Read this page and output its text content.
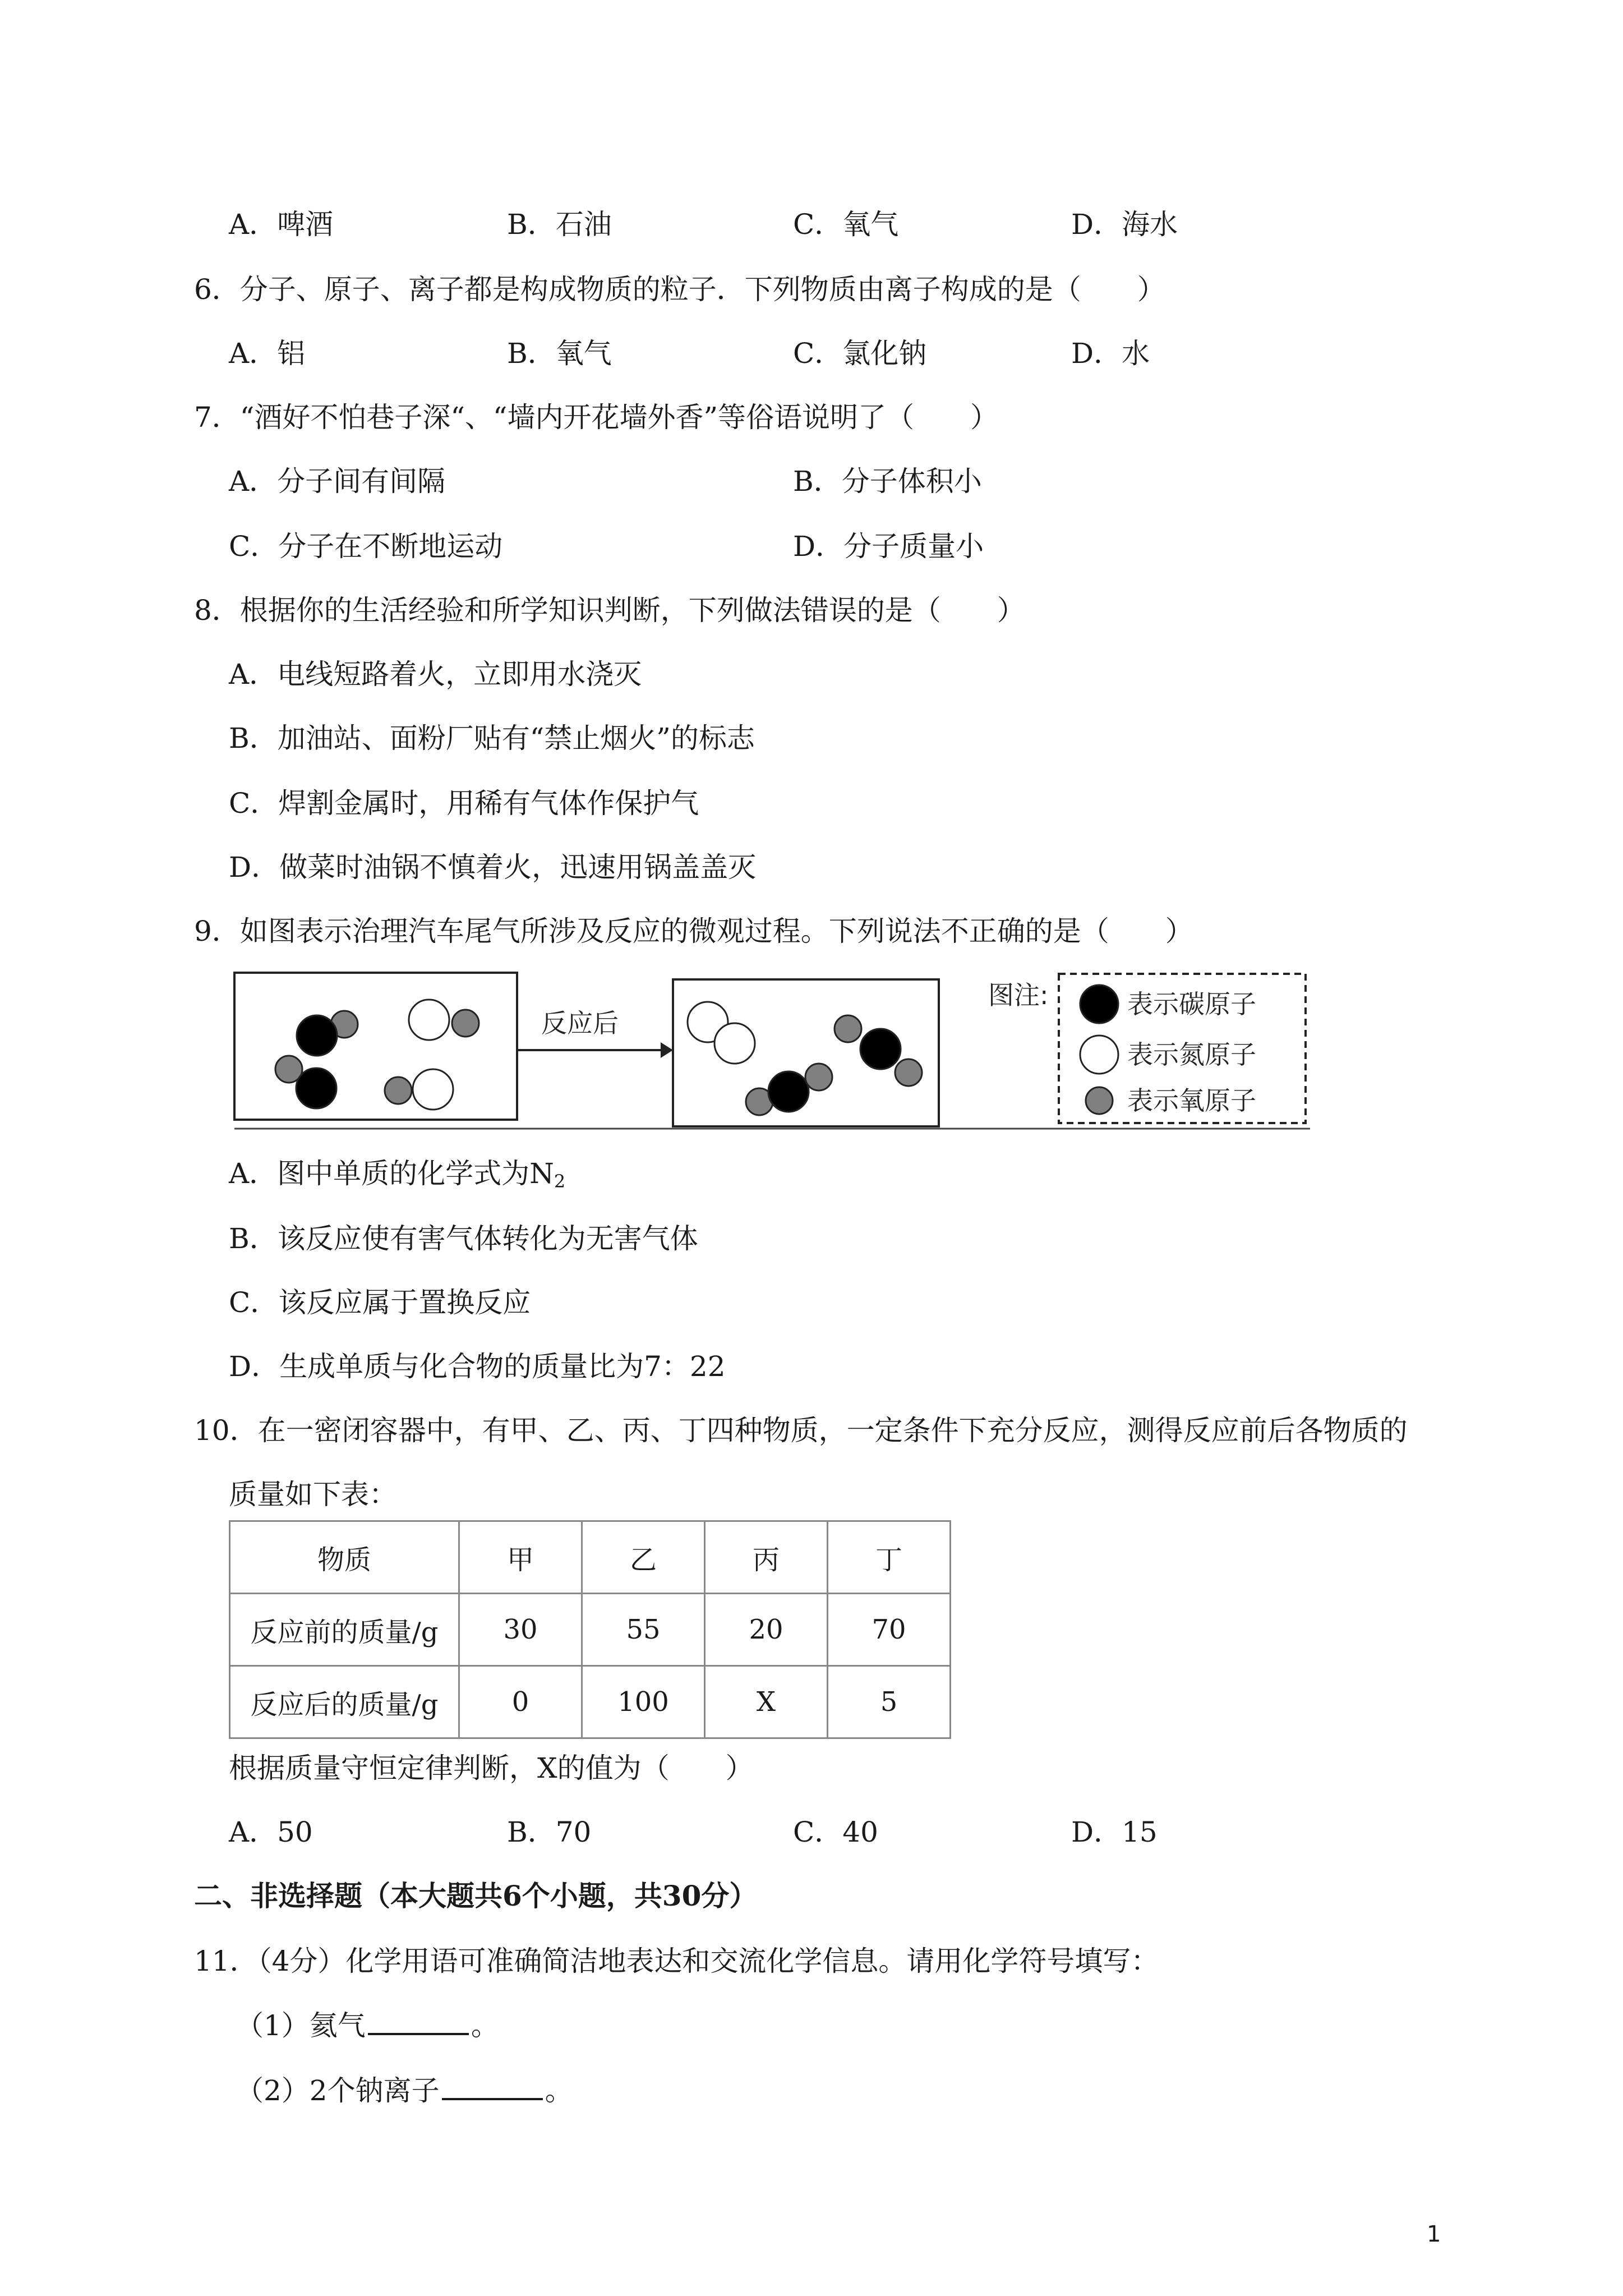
A．啤酒	B．石油	C．氧气	D．海水
6．分子、原子、离子都是构成物质的粒子．下列物质由离子构成的是（　　）
A．铝	B．氧气	C．氯化钠	D．水
7．“酒好不怕巷子深“、“墙内开花墙外香”等俗语说明了（　　）
A．分子间有间隔	B．分子体积小
C．分子在不断地运动	D．分子质量小
8．根据你的生活经验和所学知识判断，下列做法错误的是（　　）
A．电线短路着火，立即用水浇灭
B．加油站、面粉厂贴有“禁止烟火”的标志
C．焊割金属时，用稀有气体作保护气
D．做菜时油锅不慎着火，迅速用锅盖盖灭
9．如图表示治理汽车尾气所涉及反应的微观过程。下列说法不正确的是（　　）
反应后
图注:	表示碳原子
表示氮原子
表示氧原子
A．图中单质的化学式为$N_2$
B．该反应使有害气体转化为无害气体
C．该反应属于置换反应
D．生成单质与化合物的质量比为7：22
10．在一密闭容器中，有甲、乙、丙、丁四种物质，一定条件下充分反应，测得反应前后各物质的
质量如下表：
物质	甲	乙	丙	丁
反应前的质量/g	30	55	20	70
反应后的质量/g	0	100	X	5
根据质量守恒定律判断，X的值为（　　）
A．50	B．70	C．40	D．15
二、非选择题（本大题共6个小题，共30分）
11．（4分）化学用语可准确简洁地表达和交流化学信息。请用化学符号填写：
（1）氦气	。
（2）2个钠离子	。
1
